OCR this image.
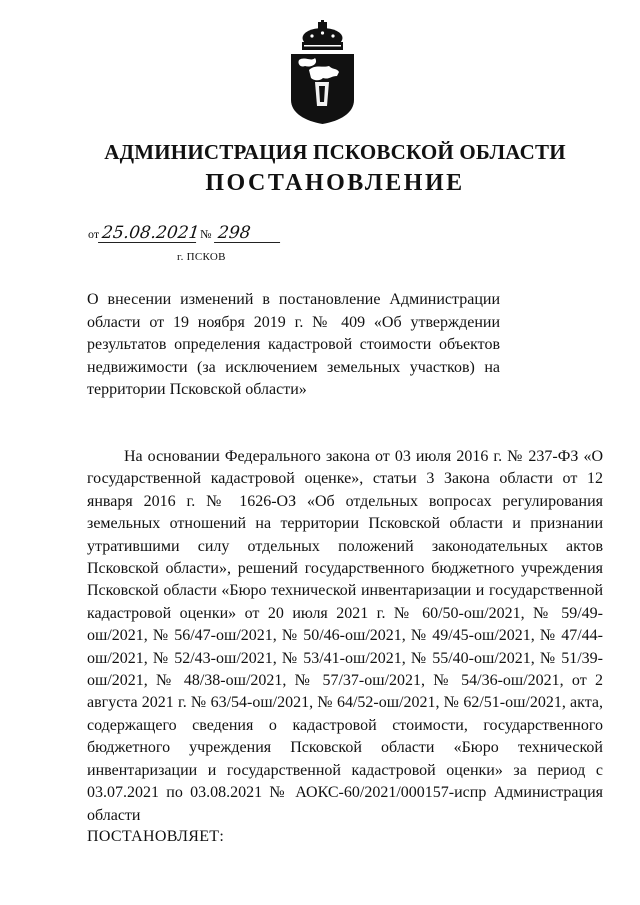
АДМИНИСТРАЦИЯ ПСКОВСКОЙ ОБЛАСТИ
ПОСТАНОВЛЕНИЕ
от 25.08.2021 № 298
г. ПСКОВ
О внесении изменений в постановление Администрации области от 19 ноября 2019 г. № 409 «Об утверждении результатов определения кадастровой стоимости объектов недвижимости (за исключением земельных участков) на территории Псковской области»
На основании Федерального закона от 03 июля 2016 г. № 237-ФЗ «О государственной кадастровой оценке», статьи 3 Закона области от 12 января 2016 г. № 1626-ОЗ «Об отдельных вопросах регулирования земельных отношений на территории Псковской области и признании утратившими силу отдельных положений законодательных актов Псковской области», решений государственного бюджетного учреждения Псковской области «Бюро технической инвентаризации и государственной кадастровой оценки» от 20 июля 2021 г. № 60/50-ош/2021, № 59/49-ош/2021, № 56/47-ош/2021, № 50/46-ош/2021, № 49/45-ош/2021, № 47/44-ош/2021, № 52/43-ош/2021, № 53/41-ош/2021, № 55/40-ош/2021, № 51/39-ош/2021, № 48/38-ош/2021, № 57/37-ош/2021, № 54/36-ош/2021, от 2 августа 2021 г. № 63/54-ош/2021, № 64/52-ош/2021, № 62/51-ош/2021, акта, содержащего сведения о кадастровой стоимости, государственного бюджетного учреждения Псковской области «Бюро технической инвентаризации и государственной кадастровой оценки» за период с 03.07.2021 по 03.08.2021 № АОКС-60/2021/000157-испр Администрация области
ПОСТАНОВЛЯЕТ:
